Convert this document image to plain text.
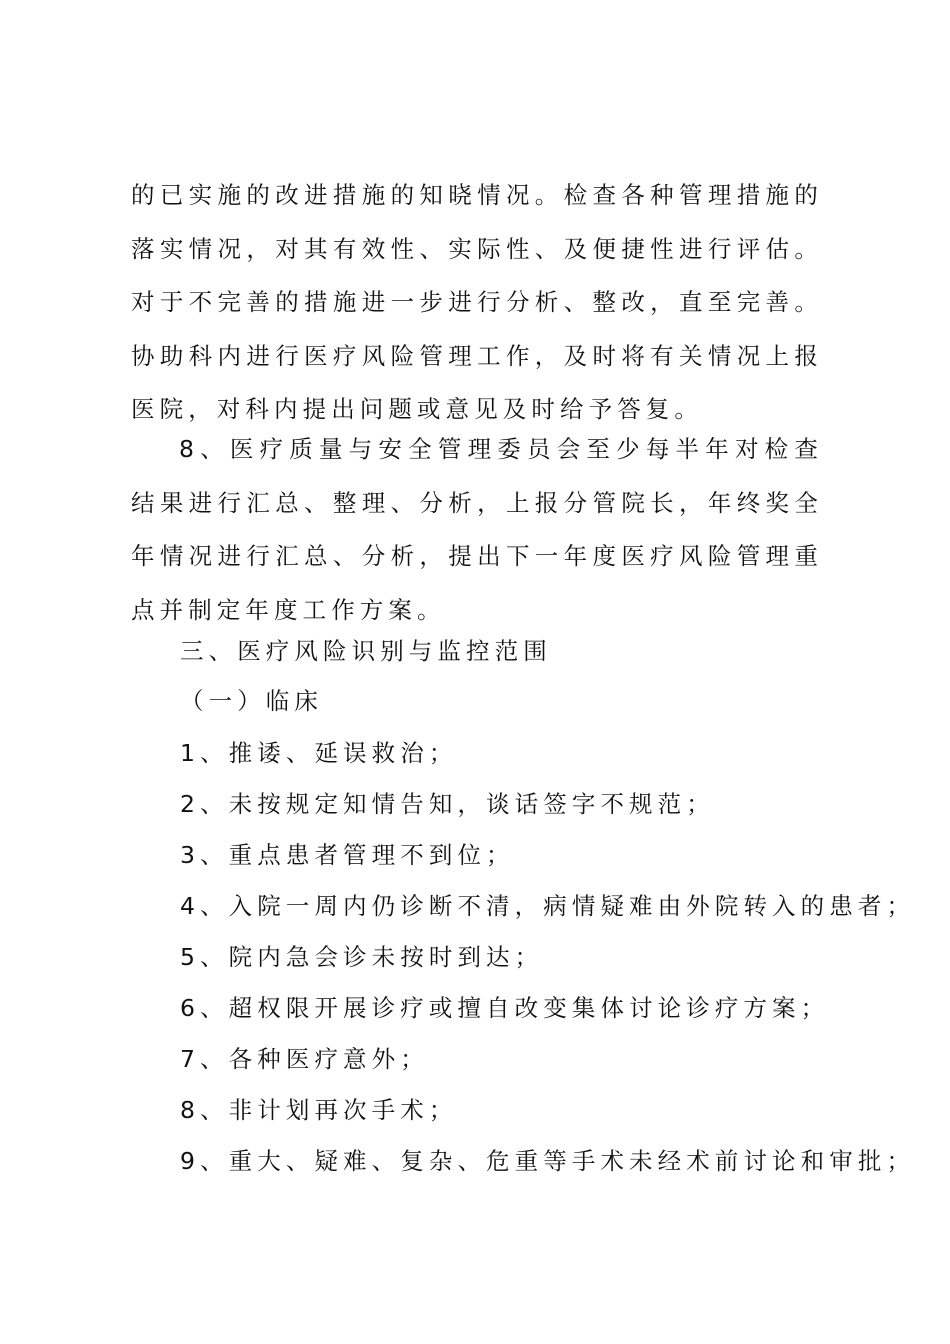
的已实施的改进措施的知晓情况。检查各种管理措施的落实情况，对其有效性、实际性、及便捷性进行评估。对于不完善的措施进一步进行分析、整改，直至完善。协助科内进行医疗风险管理工作，及时将有关情况上报医院，对科内提出问题或意见及时给予答复。
8、医疗质量与安全管理委员会至少每半年对检查结果进行汇总、整理、分析，上报分管院长，年终奖全年情况进行汇总、分析，提出下一年度医疗风险管理重点并制定年度工作方案。
三、医疗风险识别与监控范围
（一）临床
1、推诿、延误救治；
2、未按规定知情告知，谈话签字不规范；
3、重点患者管理不到位；
4、入院一周内仍诊断不清，病情疑难由外院转入的患者；
5、院内急会诊未按时到达；
6、超权限开展诊疗或擅自改变集体讨论诊疗方案；
7、各种医疗意外；
8、非计划再次手术；
9、重大、疑难、复杂、危重等手术未经术前讨论和审批；
